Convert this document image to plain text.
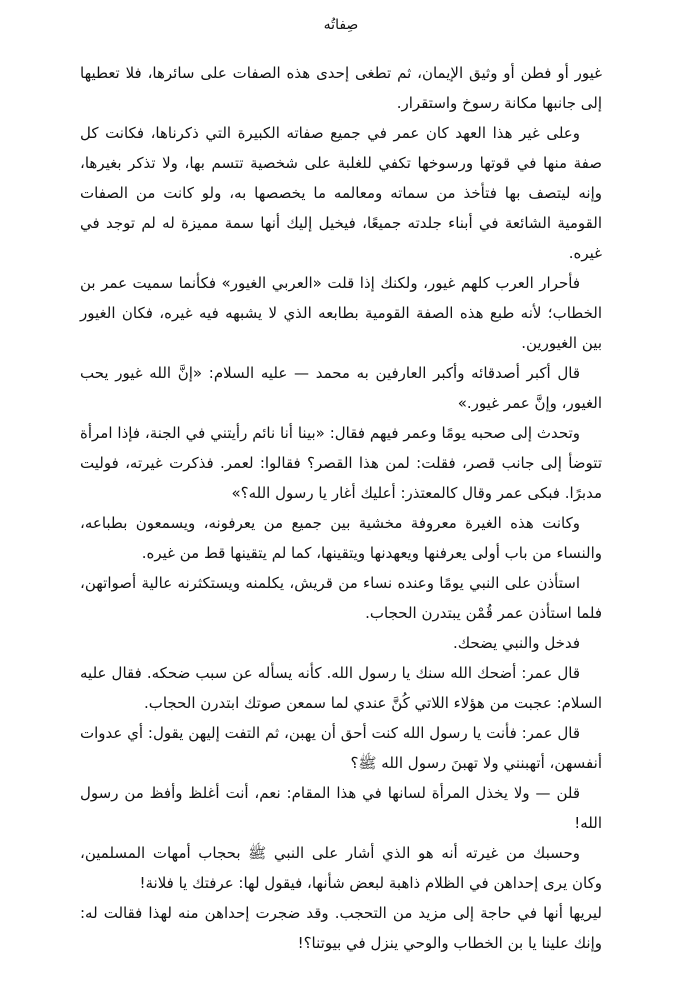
صِفاتُه

غيور أو فطن أو وثيق الإيمان، ثم تطغى إحدى هذه الصفات على سائرها، فلا تعطيها إلى جانبها مكانة رسوخ واستقرار.

وعلى غير هذا العهد كان عمر في جميع صفاته الكبيرة التي ذكرناها، فكانت كل صفة منها في قوتها ورسوخها تكفي للغلبة على شخصية تتسم بها، ولا تذكر بغيرها، وإنه ليتصف بها فتأخذ من سماته ومعالمه ما يخصصها به، ولو كانت من الصفات القومية الشائعة في أبناء جلدته جميعًا، فيخيل إليك أنها سمة مميزة له لم توجد في غيره.

فأحرار العرب كلهم غيور، ولكنك إذا قلت «العربي الغيور» فكأنما سميت عمر بن الخطاب؛ لأنه طبع هذه الصفة القومية بطابعه الذي لا يشبهه فيه غيره، فكان الغيور بين الغيورين.

قال أكبر أصدقائه وأكبر العارفين به محمد — عليه السلام: «إنَّ الله غيور يحب الغيور، وإنَّ عمر غيور.»

وتحدث إلى صحبه يومًا وعمر فيهم فقال: «بينا أنا نائم رأيتني في الجنة، فإذا امرأة تتوضأ إلى جانب قصر، فقلت: لمن هذا القصر؟ فقالوا: لعمر. فذكرت غيرته، فوليت مدبرًا. فبكى عمر وقال كالمعتذر: أعليك أغار يا رسول الله؟»

وكانت هذه الغيرة معروفة مخشية بين جميع من يعرفونه، ويسمعون بطباعه، والنساء من باب أولى يعرفنها ويعهدنها ويتقينها، كما لم يتقينها قط من غيره.

استأذن على النبي يومًا وعنده نساء من قريش، يكلمنه ويستكثرنه عالية أصواتهن، فلما استأذن عمر قُمْن يبتدرن الحجاب.

فدخل والنبي يضحك.

قال عمر: أضحك الله سنك يا رسول الله. كأنه يسأله عن سبب ضحكه. فقال عليه السلام: عجبت من هؤلاء اللاتي كُنَّ عندي لما سمعن صوتك ابتدرن الحجاب.

قال عمر: فأنت يا رسول الله كنت أحق أن يهبن، ثم التفت إليهن يقول: أي عدوات أنفسهن، أتهبنني ولا تهبنَ رسول الله ﷺ؟

قلن — ولا يخذل المرأة لسانها في هذا المقام: نعم، أنت أغلظ وأفظ من رسول الله!

وحسبك من غيرته أنه هو الذي أشار على النبي ﷺ بحجاب أمهات المسلمين، وكان يرى إحداهن في الظلام ذاهبة لبعض شأنها، فيقول لها: عرفتك يا فلانة!

ليريها أنها في حاجة إلى مزيد من التحجب. وقد ضجرت إحداهن منه لهذا فقالت له: وإنك علينا يا بن الخطاب والوحي ينزل في بيوتنا؟!
